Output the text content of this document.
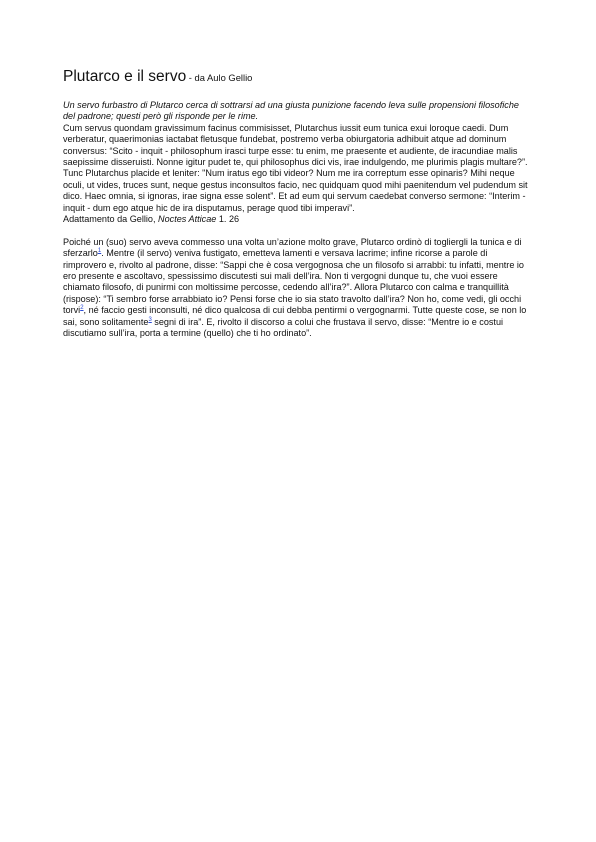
Plutarco e il servo - da Aulo Gellio

Un servo furbastro di Plutarco cerca di sottrarsi ad una giusta punizione facendo leva sulle propensioni filosofiche del padrone; questi però gli risponde per le rime.

Cum servus quondam gravissimum facinus commisisset, Plutarchus iussit eum tunica exui loroque caedi. Dum verberatur, quaerimonias iactabat fletusque fundebat, postremo verba obiurgatoria adhibuit atque ad dominum conversus: “Scito - inquit - philosophum irasci turpe esse: tu enim, me praesente et audiente, de iracundiae malis saepissime disseruisti. Nonne igitur pudet te, qui philosophus dici vis, irae indulgendo, me plurimis plagis multare?”. Tunc Plutarchus placide et leniter: "Num iratus ego tibi videor? Num me ira correptum esse opinaris? Mihi neque oculi, ut vides, truces sunt, neque gestus inconsultos facio, nec quidquam quod mihi paenitendum vel pudendum sit dico. Haec omnia, si ignoras, irae signa esse solent”. Et ad eum qui servum caedebat converso sermone: “Interim - inquit - dum ego atque hic de ira disputamus, perage quod tibi imperavi”.

Adattamento da Gellio, Noctes Atticae 1. 26

Poiché un (suo) servo aveva commesso una volta un’azione molto grave, Plutarco ordinò di togliergli la tunica e di sferzarlo$^1$. Mentre (il servo) veniva fustigato, emetteva lamenti e versava lacrime; infine ricorse a parole di rimprovero e, rivolto al padrone, disse: “Sappi che è cosa vergognosa che un filosofo si arrabbi: tu infatti, mentre io ero presente e ascoltavo, spessissimo discutesti sui mali dell’ira. Non ti vergogni dunque tu, che vuoi essere chiamato filosofo, di punirmi con moltissime percosse, cedendo all’ira?”. Allora Plutarco con calma e tranquillità (rispose): “Ti sembro forse arrabbiato io? Pensi forse che io sia stato travolto dall’ira? Non ho, come vedi, gli occhi torvi$^2$, né faccio gesti inconsulti, né dico qualcosa di cui debba pentirmi o vergognarmi. Tutte queste cose, se non lo sai, sono solitamente$^3$ segni di ira”. E, rivolto il discorso a colui che frustava il servo, disse: “Mentre io e costui discutiamo sull’ira, porta a termine (quello) che ti ho ordinato”.
